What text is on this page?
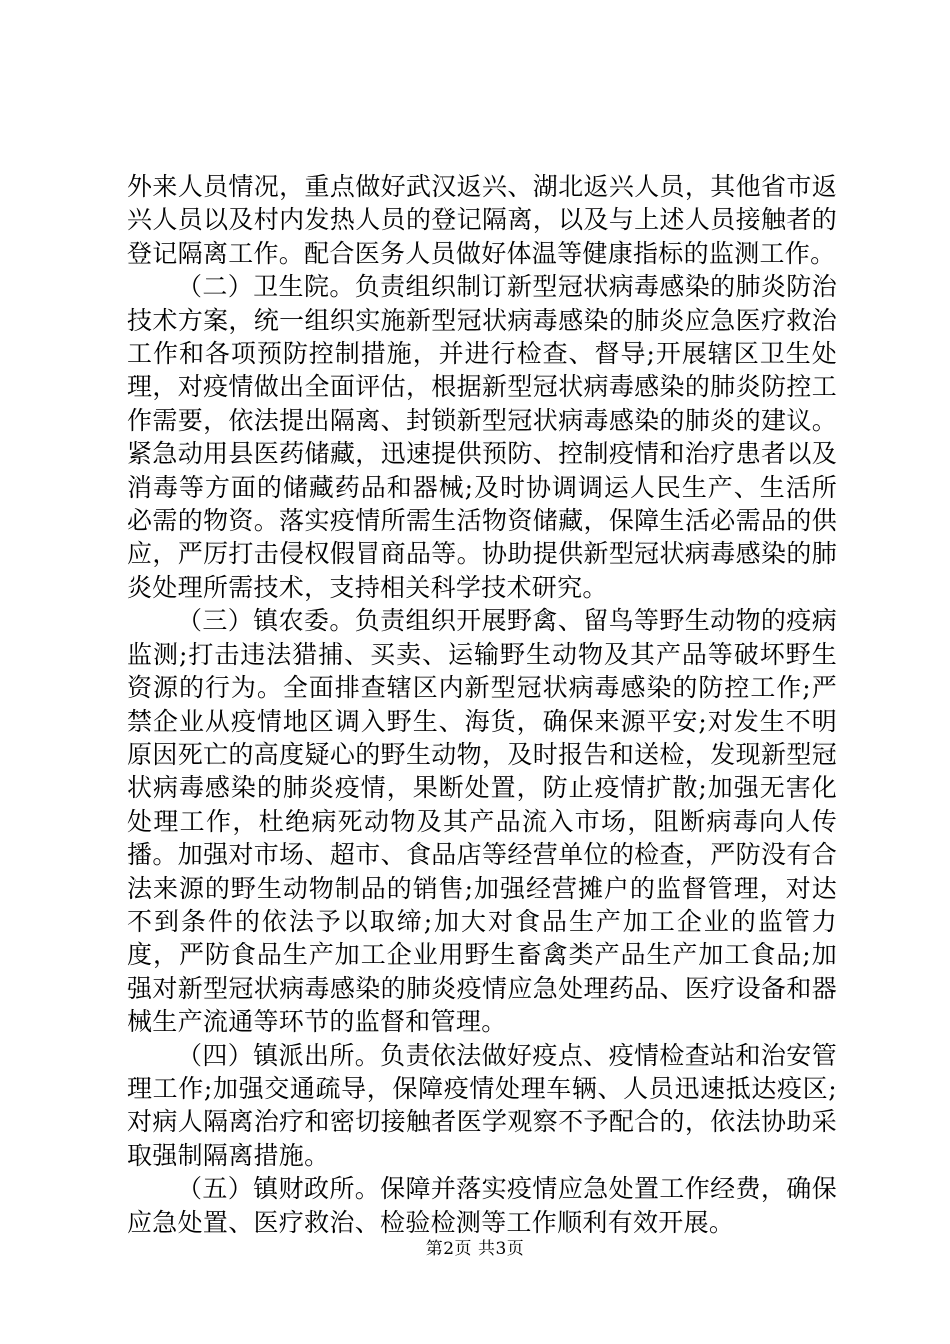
外来人员情况，重点做好武汉返兴、湖北返兴人员，其他省市返兴人员以及村内发热人员的登记隔离，以及与上述人员接触者的登记隔离工作。配合医务人员做好体温等健康指标的监测工作。

（二）卫生院。负责组织制订新型冠状病毒感染的肺炎防治技术方案，统一组织实施新型冠状病毒感染的肺炎应急医疗救治工作和各项预防控制措施，并进行检查、督导;开展辖区卫生处理，对疫情做出全面评估，根据新型冠状病毒感染的肺炎防控工作需要，依法提出隔离、封锁新型冠状病毒感染的肺炎的建议。紧急动用县医药储藏，迅速提供预防、控制疫情和治疗患者以及消毒等方面的储藏药品和器械;及时协调调运人民生产、生活所必需的物资。落实疫情所需生活物资储藏，保障生活必需品的供应，严厉打击侵权假冒商品等。协助提供新型冠状病毒感染的肺炎处理所需技术，支持相关科学技术研究。

（三）镇农委。负责组织开展野禽、留鸟等野生动物的疫病监测;打击违法猎捕、买卖、运输野生动物及其产品等破坏野生资源的行为。全面排查辖区内新型冠状病毒感染的防控工作;严禁企业从疫情地区调入野生、海货，确保来源平安;对发生不明原因死亡的高度疑心的野生动物，及时报告和送检，发现新型冠状病毒感染的肺炎疫情，果断处置，防止疫情扩散;加强无害化处理工作，杜绝病死动物及其产品流入市场，阻断病毒向人传播。加强对市场、超市、食品店等经营单位的检查，严防没有合法来源的野生动物制品的销售;加强经营摊户的监督管理，对达不到条件的依法予以取缔;加大对食品生产加工企业的监管力度，严防食品生产加工企业用野生畜禽类产品生产加工食品;加强对新型冠状病毒感染的肺炎疫情应急处理药品、医疗设备和器械生产流通等环节的监督和管理。

（四）镇派出所。负责依法做好疫点、疫情检查站和治安管理工作;加强交通疏导，保障疫情处理车辆、人员迅速抵达疫区;对病人隔离治疗和密切接触者医学观察不予配合的，依法协助采取强制隔离措施。

（五）镇财政所。保障并落实疫情应急处置工作经费，确保应急处置、医疗救治、检验检测等工作顺利有效开展。

第2页 共3页
